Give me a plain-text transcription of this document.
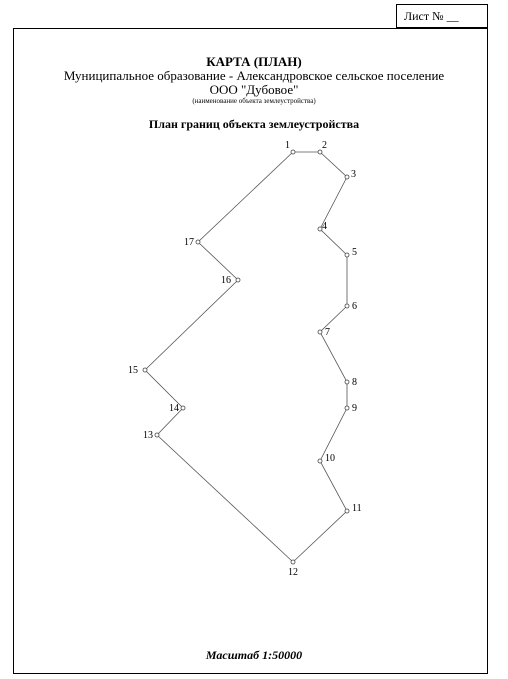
Лист № __
КАРТА (ПЛАН)
Муниципальное образование - Александровское сельское поселение
ООО "Дубовое"
(наименование объекта землеустройства)
План границ объекта землеустройства
1	2
3
4
5
6
7
8
9
10
11
12
13
14
15
16
17
Масштаб 1:50000
